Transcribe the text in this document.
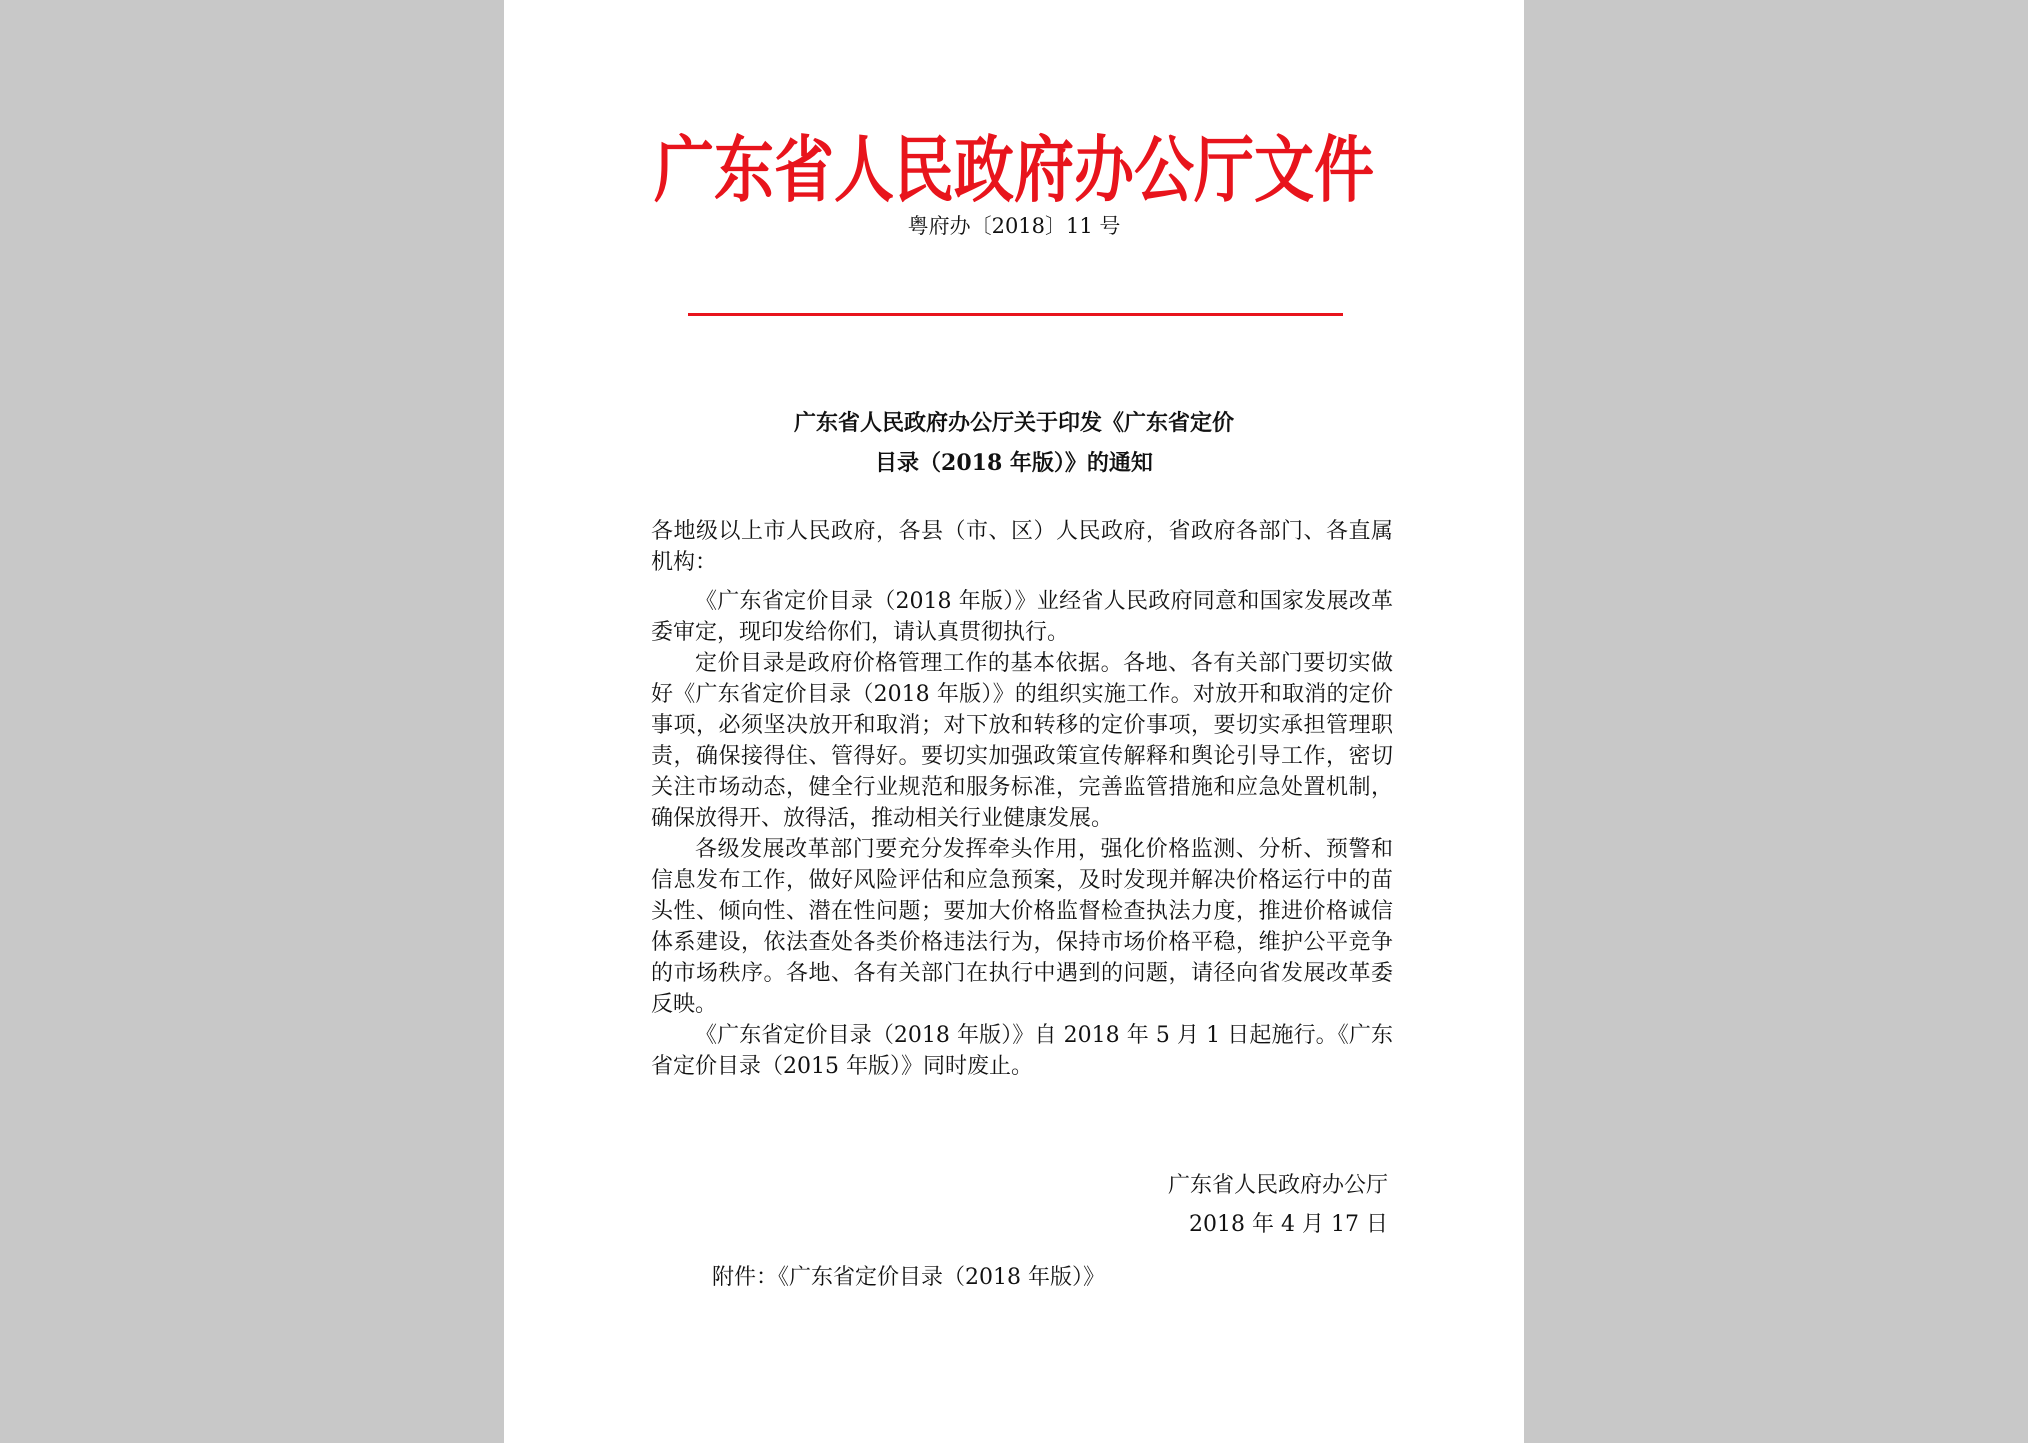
广东省人民政府办公厅文件
粤府办〔2018〕11 号
广东省人民政府办公厅关于印发《广东省定价
目录（2018 年版）》的通知

各地级以上市人民政府，各县（市、区）人民政府，省政府各部门、各直属机构：

《广东省定价目录（2018 年版）》业经省人民政府同意和国家发展改革委审定，现印发给你们，请认真贯彻执行。

定价目录是政府价格管理工作的基本依据。各地、各有关部门要切实做好《广东省定价目录（2018 年版）》的组织实施工作。对放开和取消的定价事项，必须坚决放开和取消；对下放和转移的定价事项，要切实承担管理职责，确保接得住、管得好。要切实加强政策宣传解释和舆论引导工作，密切关注市场动态，健全行业规范和服务标准，完善监管措施和应急处置机制，确保放得开、放得活，推动相关行业健康发展。

各级发展改革部门要充分发挥牵头作用，强化价格监测、分析、预警和信息发布工作，做好风险评估和应急预案，及时发现并解决价格运行中的苗头性、倾向性、潜在性问题；要加大价格监督检查执法力度，推进价格诚信体系建设，依法查处各类价格违法行为，保持市场价格平稳，维护公平竞争的市场秩序。各地、各有关部门在执行中遇到的问题，请径向省发展改革委反映。

《广东省定价目录（2018 年版）》自 2018 年 5 月 1 日起施行。《广东省定价目录（2015 年版）》同时废止。

广东省人民政府办公厅
2018 年 4 月 17 日
附件：《广东省定价目录（2018 年版）》
